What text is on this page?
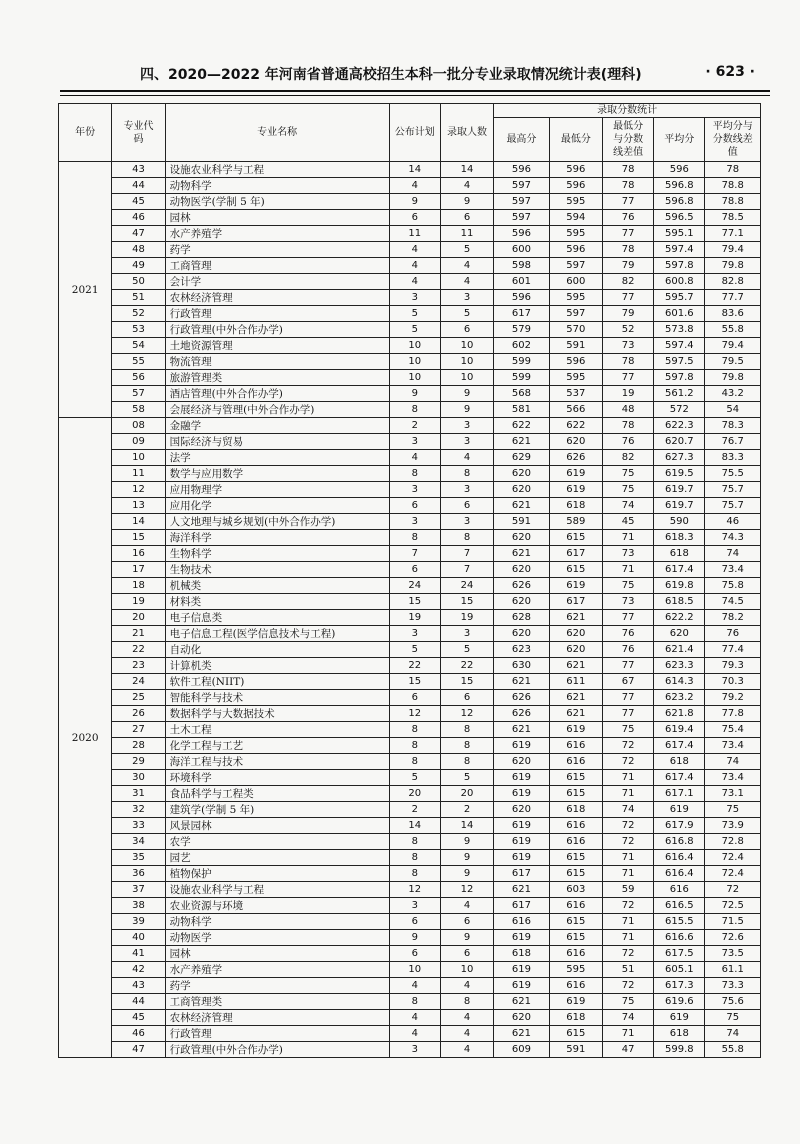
四、2020—2022 年河南省普通高校招生本科一批分专业录取情况统计表(理科)	· 623 ·
年份	专业代码	专业名称	公布计划	录取人数	录取分数统计				
					最高分	最低分	最低分与分数线差值	平均分	平均分与分数线差值
2021	43	设施农业科学与工程	14	14	596	596	78	596	78
	44	动物科学	4	4	597	596	78	596.8	78.8
	45	动物医学(学制 5 年)	9	9	597	595	77	596.8	78.8
	46	园林	6	6	597	594	76	596.5	78.5
	47	水产养殖学	11	11	596	595	77	595.1	77.1
	48	药学	4	5	600	596	78	597.4	79.4
	49	工商管理	4	4	598	597	79	597.8	79.8
	50	会计学	4	4	601	600	82	600.8	82.8
	51	农林经济管理	3	3	596	595	77	595.7	77.7
	52	行政管理	5	5	617	597	79	601.6	83.6
	53	行政管理(中外合作办学)	5	6	579	570	52	573.8	55.8
	54	土地资源管理	10	10	602	591	73	597.4	79.4
	55	物流管理	10	10	599	596	78	597.5	79.5
	56	旅游管理类	10	10	599	595	77	597.8	79.8
	57	酒店管理(中外合作办学)	9	9	568	537	19	561.2	43.2
	58	会展经济与管理(中外合作办学)	8	9	581	566	48	572	54
2020	08	金融学	2	3	622	622	78	622.3	78.3
	09	国际经济与贸易	3	3	621	620	76	620.7	76.7
	10	法学	4	4	629	626	82	627.3	83.3
	11	数学与应用数学	8	8	620	619	75	619.5	75.5
	12	应用物理学	3	3	620	619	75	619.7	75.7
	13	应用化学	6	6	621	618	74	619.7	75.7
	14	人文地理与城乡规划(中外合作办学)	3	3	591	589	45	590	46
	15	海洋科学	8	8	620	615	71	618.3	74.3
	16	生物科学	7	7	621	617	73	618	74
	17	生物技术	6	7	620	615	71	617.4	73.4
	18	机械类	24	24	626	619	75	619.8	75.8
	19	材料类	15	15	620	617	73	618.5	74.5
	20	电子信息类	19	19	628	621	77	622.2	78.2
	21	电子信息工程(医学信息技术与工程)	3	3	620	620	76	620	76
	22	自动化	5	5	623	620	76	621.4	77.4
	23	计算机类	22	22	630	621	77	623.3	79.3
	24	软件工程(NIIT)	15	15	621	611	67	614.3	70.3
	25	智能科学与技术	6	6	626	621	77	623.2	79.2
	26	数据科学与大数据技术	12	12	626	621	77	621.8	77.8
	27	土木工程	8	8	621	619	75	619.4	75.4
	28	化学工程与工艺	8	8	619	616	72	617.4	73.4
	29	海洋工程与技术	8	8	620	616	72	618	74
	30	环境科学	5	5	619	615	71	617.4	73.4
	31	食品科学与工程类	20	20	619	615	71	617.1	73.1
	32	建筑学(学制 5 年)	2	2	620	618	74	619	75
	33	风景园林	14	14	619	616	72	617.9	73.9
	34	农学	8	9	619	616	72	616.8	72.8
	35	园艺	8	9	619	615	71	616.4	72.4
	36	植物保护	8	9	617	615	71	616.4	72.4
	37	设施农业科学与工程	12	12	621	603	59	616	72
	38	农业资源与环境	3	4	617	616	72	616.5	72.5
	39	动物科学	6	6	616	615	71	615.5	71.5
	40	动物医学	9	9	619	615	71	616.6	72.6
	41	园林	6	6	618	616	72	617.5	73.5
	42	水产养殖学	10	10	619	595	51	605.1	61.1
	43	药学	4	4	619	616	72	617.3	73.3
	44	工商管理类	8	8	621	619	75	619.6	75.6
	45	农林经济管理	4	4	620	618	74	619	75
	46	行政管理	4	4	621	615	71	618	74
	47	行政管理(中外合作办学)	3	4	609	591	47	599.8	55.8
